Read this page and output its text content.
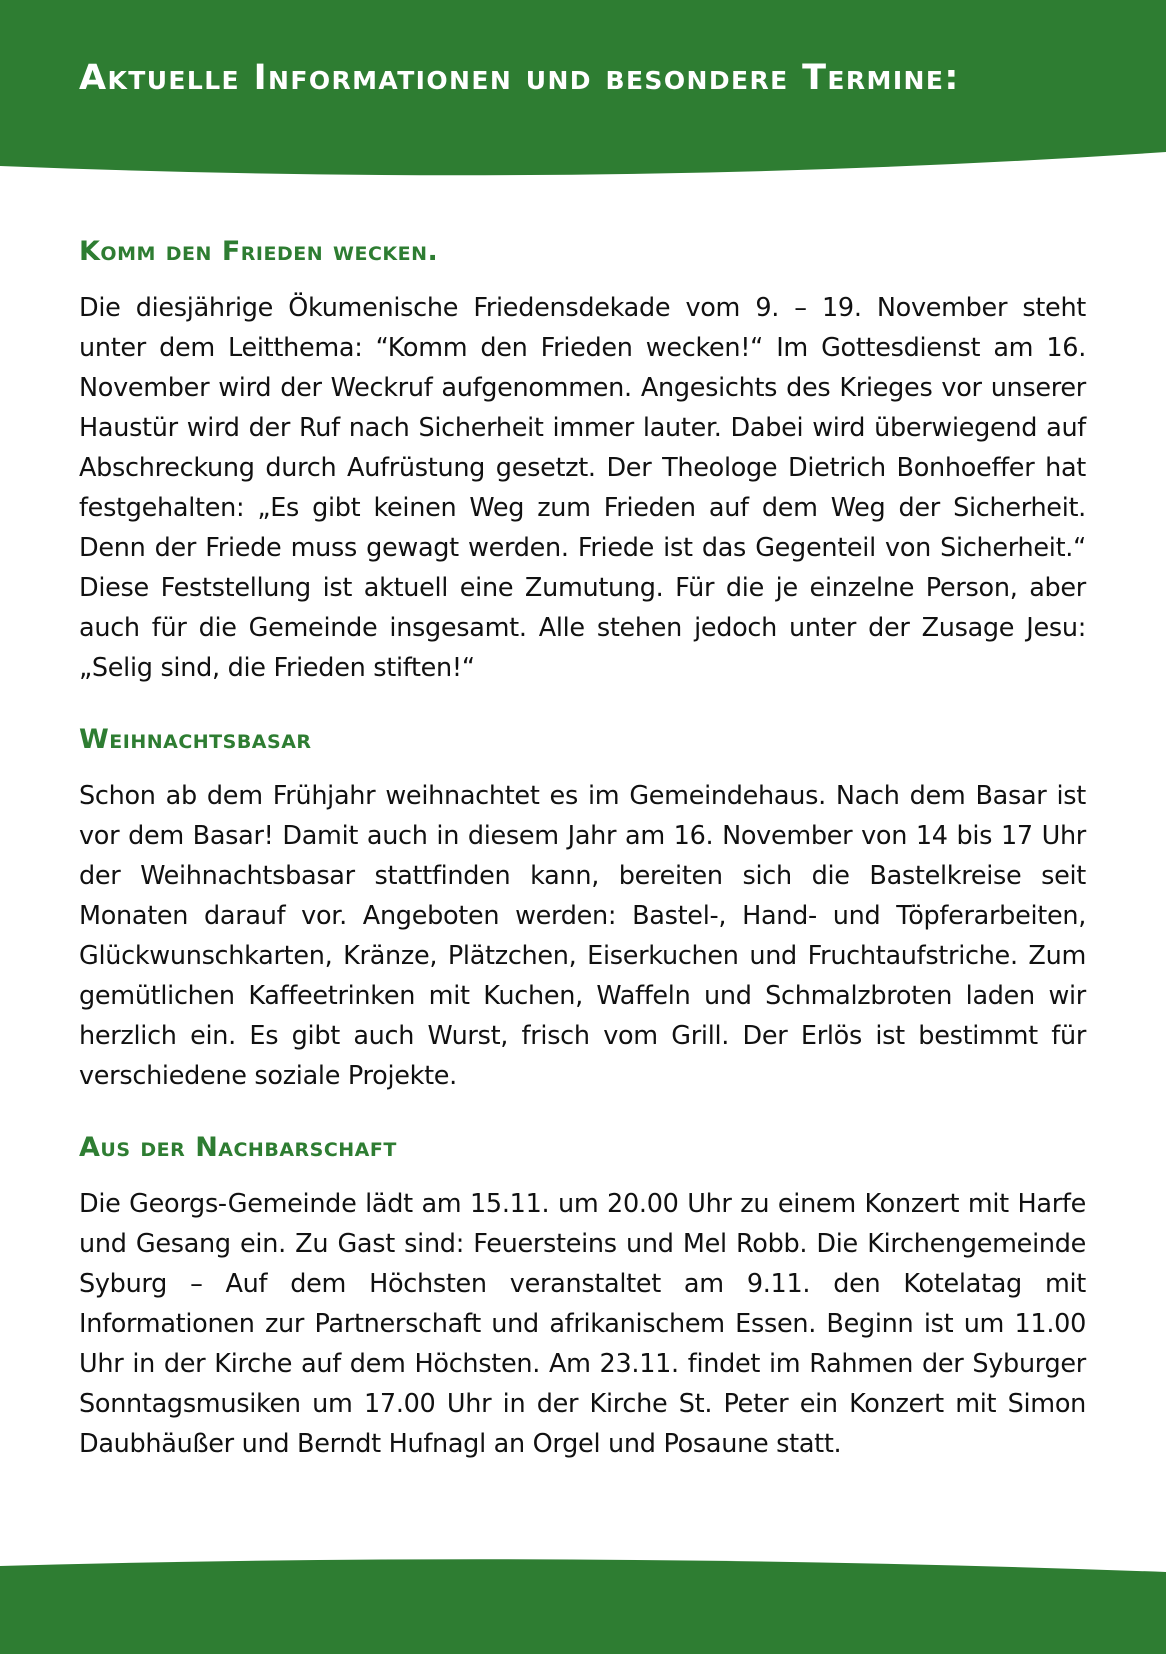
Aktuelle Informationen und besondere Termine:
Komm den Frieden wecken.

Die diesjährige Ökumenische Friedensdekade vom 9. – 19. November steht unter dem Leitthema: “Komm den Frieden wecken!“ Im Gottesdienst am 16. November wird der Weckruf aufgenommen. Angesichts des Krieges vor unserer Haustür wird der Ruf nach Sicherheit immer lauter. Dabei wird überwiegend auf Abschreckung durch Aufrüstung gesetzt. Der Theologe Dietrich Bonhoeffer hat festgehalten: „Es gibt keinen Weg zum Frieden auf dem Weg der Sicherheit. Denn der Friede muss gewagt werden. Friede ist das Gegenteil von Sicherheit.“ Diese Feststellung ist aktuell eine Zumutung. Für die je einzelne Person, aber auch für die Gemeinde insgesamt. Alle stehen jedoch unter der Zusage Jesu: „Selig sind, die Frieden stiften!“

Weihnachtsbasar

Schon ab dem Frühjahr weihnachtet es im Gemeindehaus. Nach dem Basar ist vor dem Basar! Damit auch in diesem Jahr am 16. November von 14 bis 17 Uhr der Weihnachtsbasar stattfinden kann, bereiten sich die Bastelkreise seit Monaten darauf vor. Angeboten werden: Bastel-, Hand- und Töpferarbeiten, Glückwunschkarten, Kränze, Plätzchen, Eiserkuchen und Fruchtaufstriche. Zum gemütlichen Kaffeetrinken mit Kuchen, Waffeln und Schmalzbroten laden wir herzlich ein. Es gibt auch Wurst, frisch vom Grill. Der Erlös ist bestimmt für verschiedene soziale Projekte.

Aus der Nachbarschaft

Die Georgs-Gemeinde lädt am 15.11. um 20.00 Uhr zu einem Konzert mit Harfe und Gesang ein. Zu Gast sind: Feuersteins und Mel Robb. Die Kirchengemeinde Syburg – Auf dem Höchsten veranstaltet am 9.11. den Kotelatag mit Informationen zur Partnerschaft und afrikanischem Essen. Beginn ist um 11.00 Uhr in der Kirche auf dem Höchsten. Am 23.11. findet im Rahmen der Syburger Sonntagsmusiken um 17.00 Uhr in der Kirche St. Peter ein Konzert mit Simon Daubhäußer und Berndt Hufnagl an Orgel und Posaune statt.
